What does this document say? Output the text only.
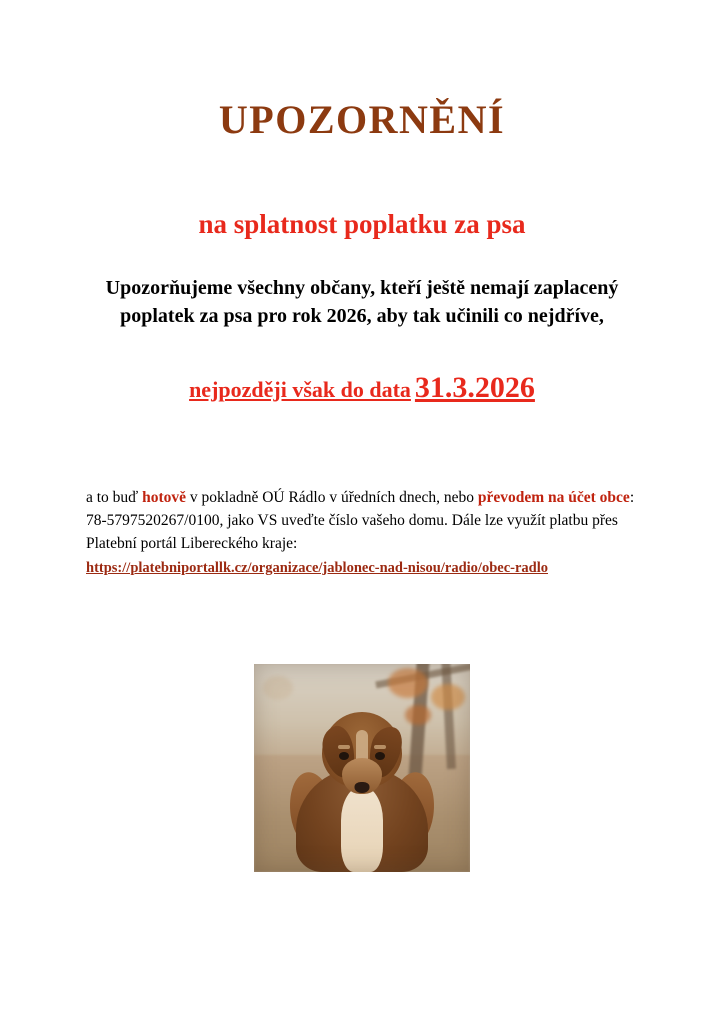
UPOZORNĚNÍ
na splatnost poplatku za psa

Upozorňujeme všechny občany, kteří ještě nemají zaplacený poplatek za psa pro rok 2026, aby tak učinili co nejdříve,

nejpozději však do data 31.3.2026

a to buď hotově v pokladně OÚ Rádlo v úředních dnech, nebo převodem na účet obce: 78-5797520267/0100, jako VS uveďte číslo vašeho domu. Dále lze využít platbu přes Platební portál Libereckého kraje:
https://platebniportallk.cz/organizace/jablonec-nad-nisou/radio/obec-radlo
